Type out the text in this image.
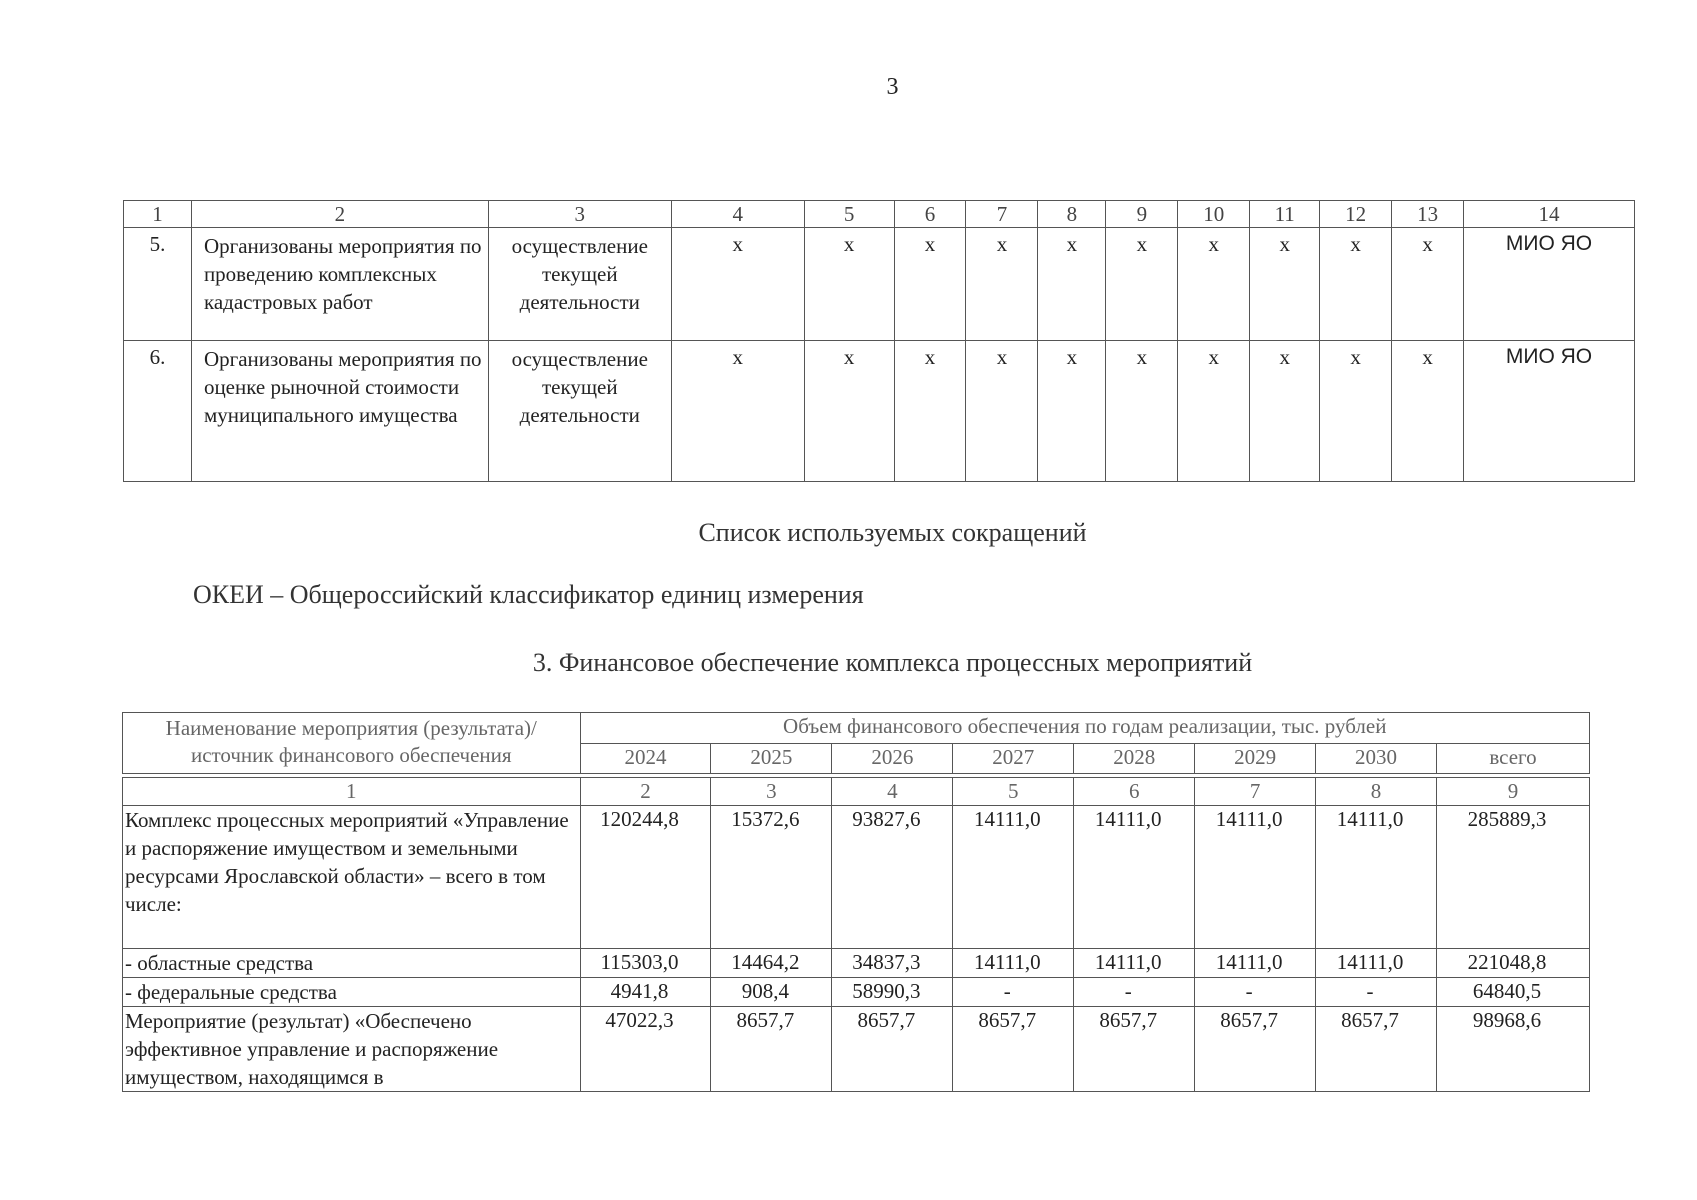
3
1	2	3	4	5	6	7	8	9	10	11	12	13	14
5.	Организованы мероприятия по проведению комплексных кадастровых работ	осуществление текущей деятельности	х	х	х	х	х	х	х	х	х	х	МИО ЯО
6.	Организованы мероприятия по оценке рыночной стоимости муниципального имущества	осуществление текущей деятельности	х	х	х	х	х	х	х	х	х	х	МИО ЯО
Список используемых сокращений
ОКЕИ – Общероссийский классификатор единиц измерения
3. Финансовое обеспечение комплекса процессных мероприятий
Наименование мероприятия (результата)/ источник финансового обеспечения	Объем финансового обеспечения по годам реализации, тыс. рублей							
	2024	2025	2026	2027	2028	2029	2030	всего

1	2	3	4	5	6	7	8	9
Комплекс процессных мероприятий «Управление и распоряжение имуществом и земельными ресурсами Ярославской области» – всего в том числе:	120244,8	15372,6	93827,6	14111,0	14111,0	14111,0	14111,0	285889,3
- областные средства	115303,0	14464,2	34837,3	14111,0	14111,0	14111,0	14111,0	221048,8
- федеральные средства	4941,8	908,4	58990,3	-	-	-	-	64840,5
Мероприятие (результат) «Обеспечено эффективное управление и распоряжение имуществом, находящимся в	47022,3	8657,7	8657,7	8657,7	8657,7	8657,7	8657,7	98968,6
